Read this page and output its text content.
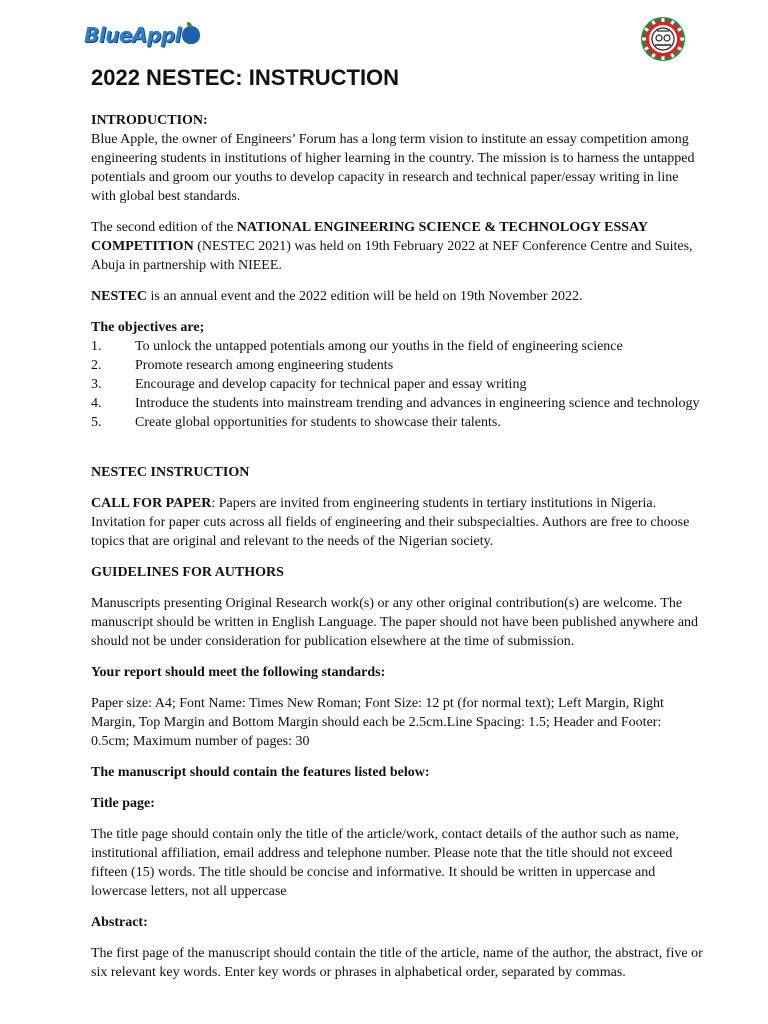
BlueAppl
2022 NESTEC: INSTRUCTION

INTRODUCTION:

Blue Apple, the owner of Engineers’ Forum has a long term vision to institute an essay competition among engineering students in institutions of higher learning in the country. The mission is to harness the untapped potentials and groom our youths to develop capacity in research and technical paper/essay writing in line with global best standards.

The second edition of the NATIONAL ENGINEERING SCIENCE & TECHNOLOGY ESSAY COMPETITION (NESTEC 2021) was held on 19th February 2022 at NEF Conference Centre and Suites, Abuja in partnership with NIEEE.

NESTEC is an annual event and the 2022 edition will be held on 19th November 2022.

The objectives are;

1.	To unlock the untapped potentials among our youths in the field of engineering science
2.	Promote research among engineering students
3.	Encourage and develop capacity for technical paper and essay writing
4.	Introduce the students into mainstream trending and advances in engineering science and technology
5.	Create global opportunities for students to showcase their talents.

NESTEC INSTRUCTION

CALL FOR PAPER: Papers are invited from engineering students in tertiary institutions in Nigeria. Invitation for paper cuts across all fields of engineering and their subspecialties. Authors are free to choose topics that are original and relevant to the needs of the Nigerian society.

GUIDELINES FOR AUTHORS

Manuscripts presenting Original Research work(s) or any other original contribution(s) are welcome. The manuscript should be written in English Language. The paper should not have been published anywhere and should not be under consideration for publication elsewhere at the time of submission.

Your report should meet the following standards:

Paper size: A4; Font Name: Times New Roman; Font Size: 12 pt (for normal text); Left Margin, Right Margin, Top Margin and Bottom Margin should each be 2.5cm.Line Spacing: 1.5; Header and Footer: 0.5cm; Maximum number of pages: 30

The manuscript should contain the features listed below:

Title page:

The title page should contain only the title of the article/work, contact details of the author such as name, institutional affiliation, email address and telephone number. Please note that the title should not exceed fifteen (15) words. The title should be concise and informative. It should be written in uppercase and lowercase letters, not all uppercase

Abstract:

The first page of the manuscript should contain the title of the article, name of the author, the abstract, five or six relevant key words. Enter key words or phrases in alphabetical order, separated by commas.
